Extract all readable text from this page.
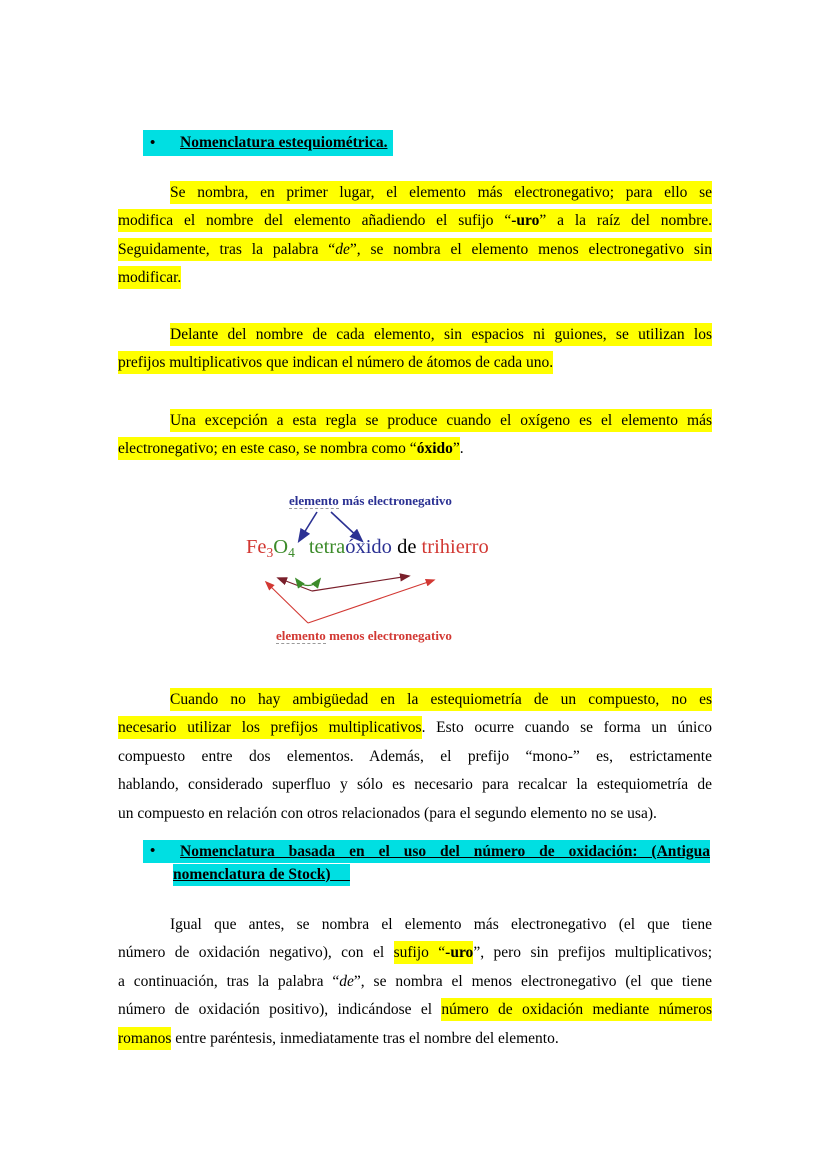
•	Nomenclatura estequiométrica.
Se nombra, en primer lugar, el elemento más electronegativo; para ello se
modifica el nombre del elemento añadiendo el sufijo “-uro” a la raíz del nombre.
Seguidamente, tras la palabra “de”, se nombra el elemento menos electronegativo sin
modificar.
Delante del nombre de cada elemento, sin espacios ni guiones, se utilizan los
prefijos multiplicativos que indican el número de átomos de cada uno.
Una excepción a esta regla se produce cuando el oxígeno es el elemento más
electronegativo; en este caso, se nombra como “óxido”.
elemento más electronegativo
$Fe_3O_4$ tetraóxido de trihierro
elemento menos electronegativo
Cuando no hay ambigüedad en la estequiometría de un compuesto, no es
necesario utilizar los prefijos multiplicativos. Esto ocurre cuando se forma un único
compuesto entre dos elementos. Además, el prefijo “mono-” es, estrictamente
hablando, considerado superfluo y sólo es necesario para recalcar la estequiometría de
un compuesto en relación con otros relacionados (para el segundo elemento no se usa).
•	Nomenclatura basada en el uso del número de oxidación: (Antigua
nomenclatura de Stock)
Igual que antes, se nombra el elemento más electronegativo (el que tiene
número de oxidación negativo), con el sufijo “-uro”, pero sin prefijos multiplicativos;
a continuación, tras la palabra “de”, se nombra el menos electronegativo (el que tiene
número de oxidación positivo), indicándose el número de oxidación mediante números
romanos entre paréntesis, inmediatamente tras el nombre del elemento.
